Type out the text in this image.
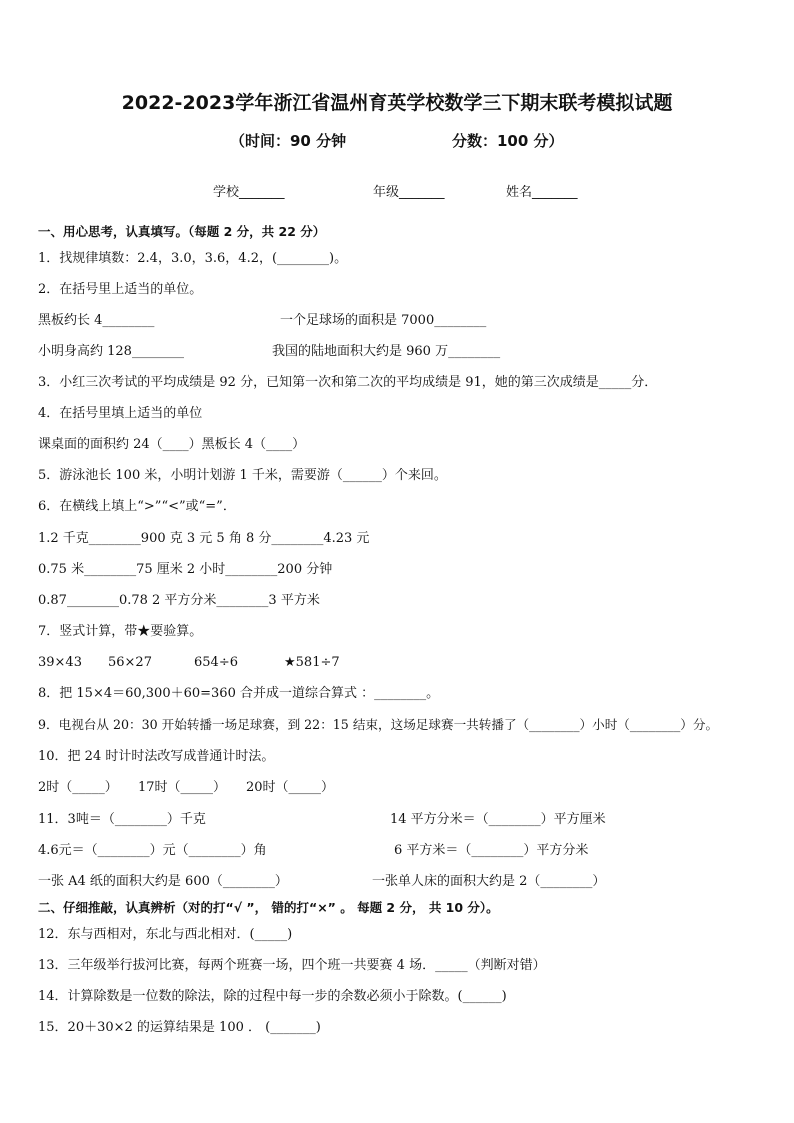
2022-2023学年浙江省温州育英学校数学三下期末联考模拟试题
（时间：90 分钟	分数：100 分）
学校_______	年级_______	姓名_______
一、用心思考，认真填写。（每题 2 分，共 22 分）
1．找规律填数：2.4，3.0，3.6，4.2，(________)。
2．在括号里上适当的单位。
黑板约长 4________	一个足球场的面积是 7000________
小明身高约 128________	我国的陆地面积大约是 960 万________
3．小红三次考试的平均成绩是 92 分，已知第一次和第二次的平均成绩是 91，她的第三次成绩是_____分．
4．在括号里填上适当的单位
课桌面的面积约 24（____）黑板长 4（____）
5．游泳池长 100 米，小明计划游 1 千米，需要游（______）个来回。
6．在横线上填上“>”“<”或“=”．
1.2 千克________900 克 3 元 5 角 8 分________4.23 元
0.75 米________75 厘米 2 小时________200 分钟
0.87________0.78 2 平方分米________3 平方米
7．竖式计算，带★要验算。
39×43 56×27	654÷6	★581÷7
8．把 15×4＝60,300＋60=360 合并成一道综合算式 ：________。
9．电视台从 20：30 开始转播一场足球赛，到 22：15 结束，这场足球赛一共转播了（________）小时（________）分。
10．把 24 时计时法改写成普通计时法。
2时（_____） 17时（_____） 20时（_____）
11．3吨＝（________）千克	14 平方分米＝（________）平方厘米
4.6元＝（________）元（________）角	6 平方米＝（________）平方分米
一张 A4 纸的面积大约是 600（________）	一张单人床的面积大约是 2（________）
二、仔细推敲，认真辨析（对的打“√ ”， 错的打“×” 。 每题 2 分， 共 10 分）。
12．东与西相对，东北与西北相对．(_____)
13．三年级举行拔河比赛，每两个班赛一场，四个班一共要赛 4 场．_____（判断对错）
14．计算除数是一位数的除法，除的过程中每一步的余数必须小于除数。(______)
15．20＋30×2 的运算结果是 100 ． (_______)
